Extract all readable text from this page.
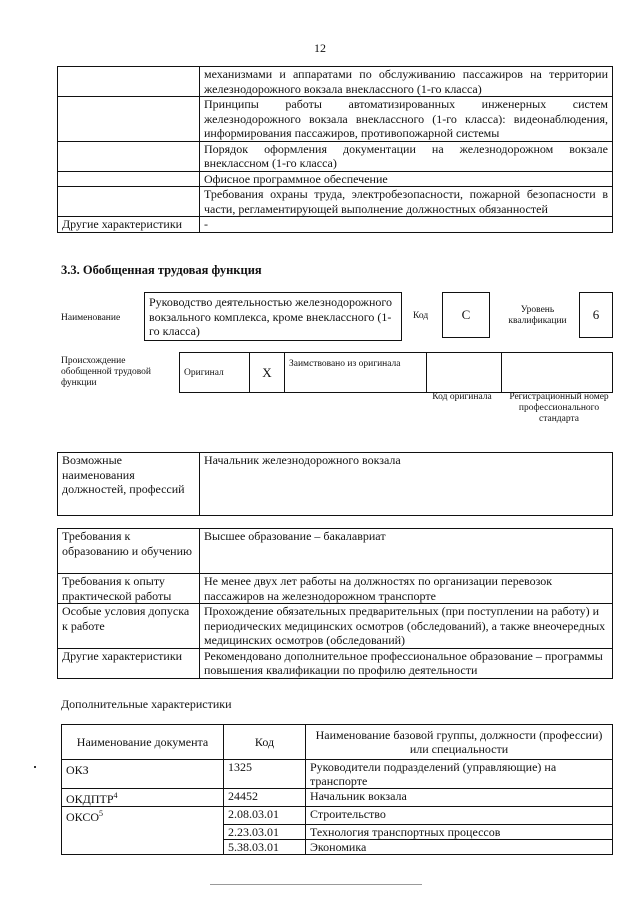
12
	механизмами и аппаратами по обслуживанию пассажиров на территории железнодорожного вокзала внеклассного (1-го класса)
	Принципы работы автоматизированных инженерных систем железнодорожного вокзала внеклассного (1-го класса): видеонаблюдения, информирования пассажиров, противопожарной системы
	Порядок оформления документации на железнодорожном вокзале внеклассном (1-го класса)
	Офисное программное обеспечение
	Требования охраны труда, электробезопасности, пожарной безопасности в части, регламентирующей выполнение должностных обязанностей
Другие характеристики	-
3.3. Обобщенная трудовая функция
Наименование
Руководство деятельностью железнодорожного вокзального комплекса, кроме внеклассного (1-го класса)
Код	C	Уровень квалификации	6
Происхождение обобщенной трудовой функции
Оригинал	X	Заимствовано из оригинала		
Код оригинала	Регистрационный номер профессионального стандарта
Возможные наименования должностей, профессий	Начальник железнодорожного вокзала
Требования к образованию и обучению	Высшее образование – бакалавриат
Требования к опыту практической работы	Не менее двух лет работы на должностях по организации перевозок пассажиров на железнодорожном транспорте
Особые условия допуска к работе	Прохождение обязательных предварительных (при поступлении на работу) и периодических медицинских осмотров (обследований), а также внеочередных медицинских осмотров (обследований)
Другие характеристики	Рекомендовано дополнительное профессиональное образование – программы повышения квалификации по профилю деятельности
Дополнительные характеристики
Наименование документа	Код	Наименование базовой группы, должности (профессии) или специальности
ОКЗ	1325	Руководители подразделений (управляющие) на транспорте
ОКДПТР$^4$	24452	Начальник вокзала
ОКСО$^5$	2.08.03.01	Строительство
	2.23.03.01	Технология транспортных процессов
	5.38.03.01	Экономика
